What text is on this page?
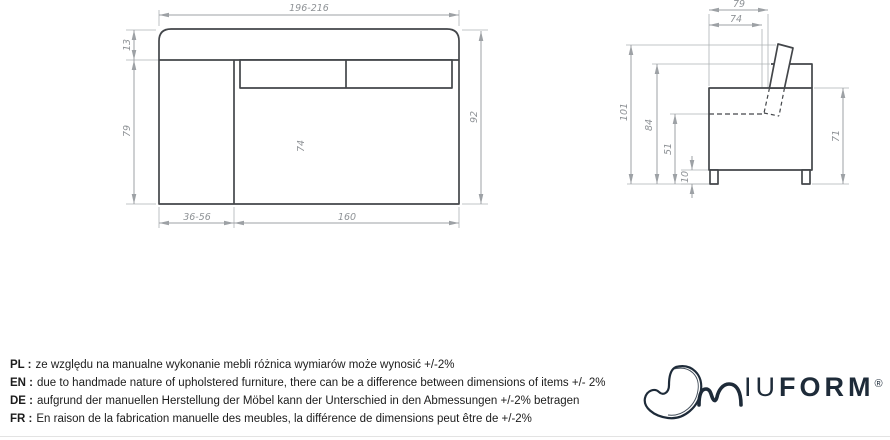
196-216
13
79
92
74
36-56	160
79
74
101
84
51
10
71
PL : ze względu na manualne wykonanie mebli różnica wymiarów może wynosić +/-2%
EN : due to handmade nature of upholstered furniture, there can be a difference between dimensions of items +/- 2%
DE : aufgrund der manuellen Herstellung der Möbel kann der Unterschied in den Abmessungen +/-2% betragen
FR : En raison de la fabrication manuelle des meubles, la différence de dimensions peut être de +/-2%
IUFORM®
